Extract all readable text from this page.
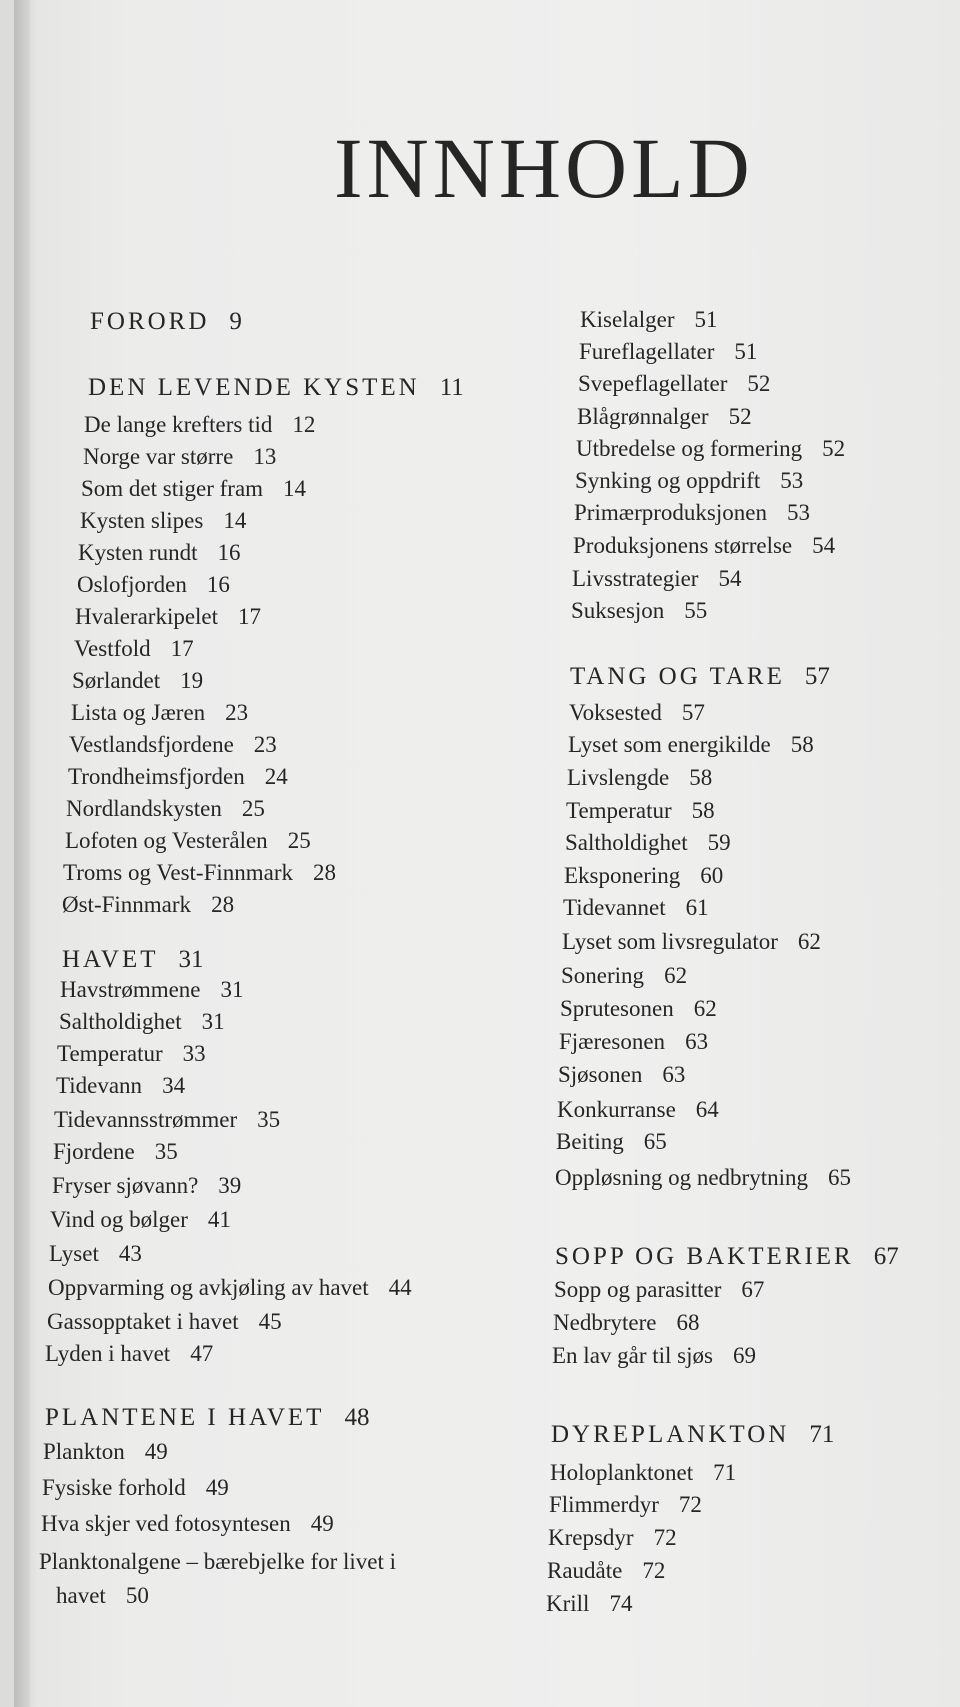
INNHOLD
FORORD 9
DEN LEVENDE KYSTEN 11
De lange krefters tid 12
Norge var større 13
Som det stiger fram 14
Kysten slipes 14
Kysten rundt 16
Oslofjorden 16
Hvalerarkipelet 17
Vestfold 17
Sørlandet 19
Lista og Jæren 23
Vestlandsfjordene 23
Trondheimsfjorden 24
Nordlandskysten 25
Lofoten og Vesterålen 25
Troms og Vest-Finnmark 28
Øst-Finnmark 28
HAVET 31
Havstrømmene 31
Saltholdighet 31
Temperatur 33
Tidevann 34
Tidevannsstrømmer 35
Fjordene 35
Fryser sjøvann? 39
Vind og bølger 41
Lyset 43
Oppvarming og avkjøling av havet 44
Gassopptaket i havet 45
Lyden i havet 47
PLANTENE I HAVET 48
Plankton 49
Fysiske forhold 49
Hva skjer ved fotosyntesen 49
Planktonalgene – bærebjelke for livet i
havet 50
Kiselalger 51
Fureflagellater 51
Svepeflagellater 52
Blågrønnalger 52
Utbredelse og formering 52
Synking og oppdrift 53
Primærproduksjonen 53
Produksjonens størrelse 54
Livsstrategier 54
Suksesjon 55
TANG OG TARE 57
Voksested 57
Lyset som energikilde 58
Livslengde 58
Temperatur 58
Saltholdighet 59
Eksponering 60
Tidevannet 61
Lyset som livsregulator 62
Sonering 62
Sprutesonen 62
Fjæresonen 63
Sjøsonen 63
Konkurranse 64
Beiting 65
Oppløsning og nedbrytning 65
SOPP OG BAKTERIER 67
Sopp og parasitter 67
Nedbrytere 68
En lav går til sjøs 69
DYREPLANKTON 71
Holoplanktonet 71
Flimmerdyr 72
Krepsdyr 72
Raudåte 72
Krill 74
